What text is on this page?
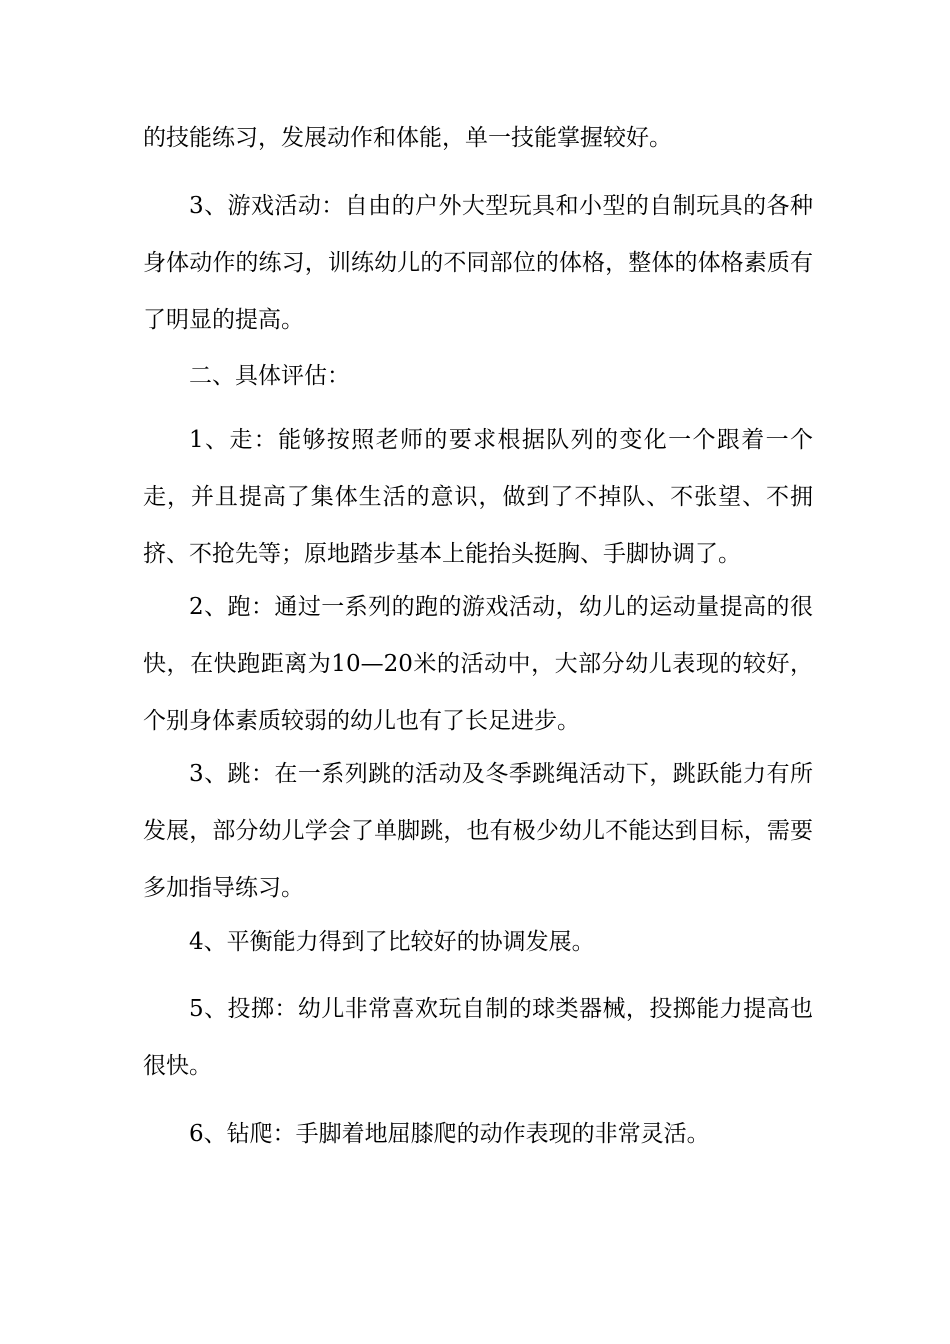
的技能练习，发展动作和体能，单一技能掌握较好。

3、游戏活动：自由的户外大型玩具和小型的自制玩具的各种身体动作的练习，训练幼儿的不同部位的体格，整体的体格素质有了明显的提高。

二、具体评估：

1、走：能够按照老师的要求根据队列的变化一个跟着一个走，并且提高了集体生活的意识，做到了不掉队、不张望、不拥挤、不抢先等；原地踏步基本上能抬头挺胸、手脚协调了。

2、跑：通过一系列的跑的游戏活动，幼儿的运动量提高的很快，在快跑距离为10—20米的活动中，大部分幼儿表现的较好，个别身体素质较弱的幼儿也有了长足进步。

3、跳：在一系列跳的活动及冬季跳绳活动下，跳跃能力有所发展，部分幼儿学会了单脚跳，也有极少幼儿不能达到目标，需要多加指导练习。

4、平衡能力得到了比较好的协调发展。

5、投掷：幼儿非常喜欢玩自制的球类器械，投掷能力提高也很快。

6、钻爬：手脚着地屈膝爬的动作表现的非常灵活。
